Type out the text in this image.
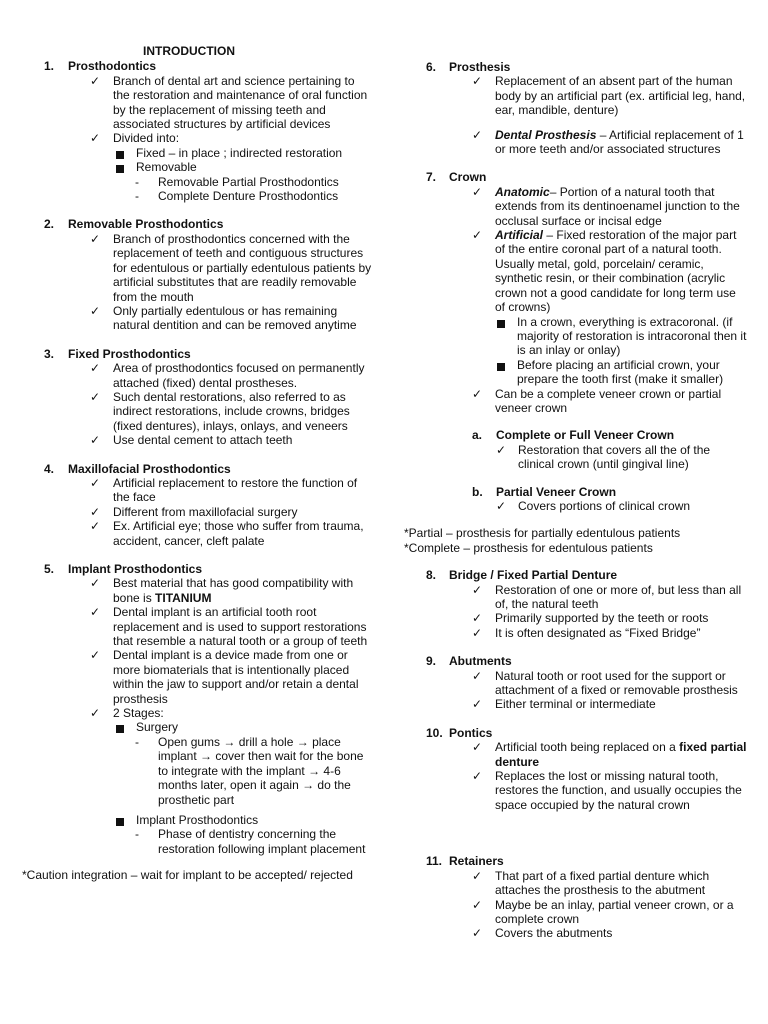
INTRODUCTION
1.	Prosthodontics
✓	Branch of dental art and science pertaining to the restoration and maintenance of oral function by the replacement of missing teeth and associated structures by artificial devices
✓	Divided into:
Fixed – in place ; indirected restoration
Removable
-	Removable Partial Prosthodontics
-	Complete Denture Prosthodontics
2.	Removable Prosthodontics
✓	Branch of prosthodontics concerned with the replacement of teeth and contiguous structures for edentulous or partially edentulous patients by artificial substitutes that are readily removable from the mouth
✓	Only partially edentulous or has remaining natural dentition and can be removed anytime
3.	Fixed Prosthodontics
✓	Area of prosthodontics focused on permanently attached (fixed) dental prostheses.
✓	Such dental restorations, also referred to as indirect restorations, include crowns, bridges (fixed dentures), inlays, onlays, and veneers
✓	Use dental cement to attach teeth
4.	Maxillofacial Prosthodontics
✓	Artificial replacement to restore the function of the face
✓	Different from maxillofacial surgery
✓	Ex. Artificial eye; those who suffer from trauma, accident, cancer, cleft palate
5.	Implant Prosthodontics
✓	Best material that has good compatibility with bone is TITANIUM
✓	Dental implant is an artificial tooth root replacement and is used to support restorations that resemble a natural tooth or a group of teeth
✓	Dental implant is a device made from one or more biomaterials that is intentionally placed within the jaw to support and/or retain a dental prosthesis
✓	2 Stages:
Surgery
-	Open gums → drill a hole → place implant → cover then wait for the bone to integrate with the implant → 4-6 months later, open it again → do the prosthetic part
Implant Prosthodontics
-	Phase of dentistry concerning the restoration following implant placement
*Caution integration – wait for implant to be accepted/ rejected
6.	Prosthesis
✓	Replacement of an absent part of the human body by an artificial part (ex. artificial leg, hand, ear, mandible, denture)
✓	Dental Prosthesis – Artificial replacement of 1 or more teeth and/or associated structures
7.	Crown
✓	Anatomic– Portion of a natural tooth that extends from its dentinoenamel junction to the occlusal surface or incisal edge
✓	Artificial – Fixed restoration of the major part of the entire coronal part of a natural tooth. Usually metal, gold, porcelain/ ceramic, synthetic resin, or their combination (acrylic crown not a good candidate for long term use of crowns)
In a crown, everything is extracoronal. (if majority of restoration is intracoronal then it is an inlay or onlay)
Before placing an artificial crown, your prepare the tooth first (make it smaller)
✓	Can be a complete veneer crown or partial veneer crown
a.	Complete or Full Veneer Crown
✓ Restoration that covers all the of the clinical crown (until gingival line)
b.	Partial Veneer Crown
✓ Covers portions of clinical crown
*Partial – prosthesis for partially edentulous patients
*Complete – prosthesis for edentulous patients
8.	Bridge / Fixed Partial Denture
✓	Restoration of one or more of, but less than all of, the natural teeth
✓	Primarily supported by the teeth or roots
✓	It is often designated as “Fixed Bridge”
9.	Abutments
✓	Natural tooth or root used for the support or attachment of a fixed or removable prosthesis
✓	Either terminal or intermediate
10. Pontics
✓	Artificial tooth being replaced on a fixed partial denture
✓	Replaces the lost or missing natural tooth, restores the function, and usually occupies the space occupied by the natural crown
11. Retainers
✓	That part of a fixed partial denture which attaches the prosthesis to the abutment
✓	Maybe be an inlay, partial veneer crown, or a complete crown
✓	Covers the abutments
